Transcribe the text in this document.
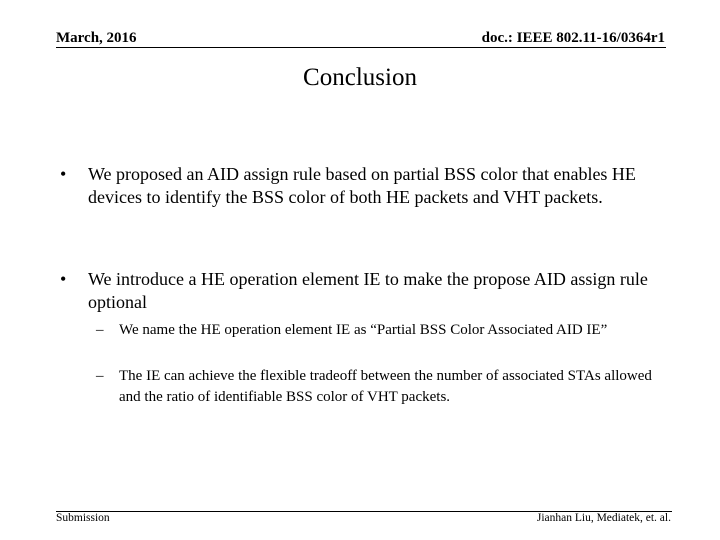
March, 2016	doc.: IEEE 802.11-16/0364r1
Conclusion
• We proposed an AID assign rule based on partial BSS color that enables HE devices to identify the BSS color of both HE packets and VHT packets.
• We introduce a HE operation element IE to make the propose AID assign rule optional
– We name the HE operation element IE as “Partial BSS Color Associated AID IE”
– The IE can achieve the flexible tradeoff between the number of associated STAs allowed and the ratio of identifiable BSS color of VHT packets.
Submission	Jianhan Liu, Mediatek, et. al.
